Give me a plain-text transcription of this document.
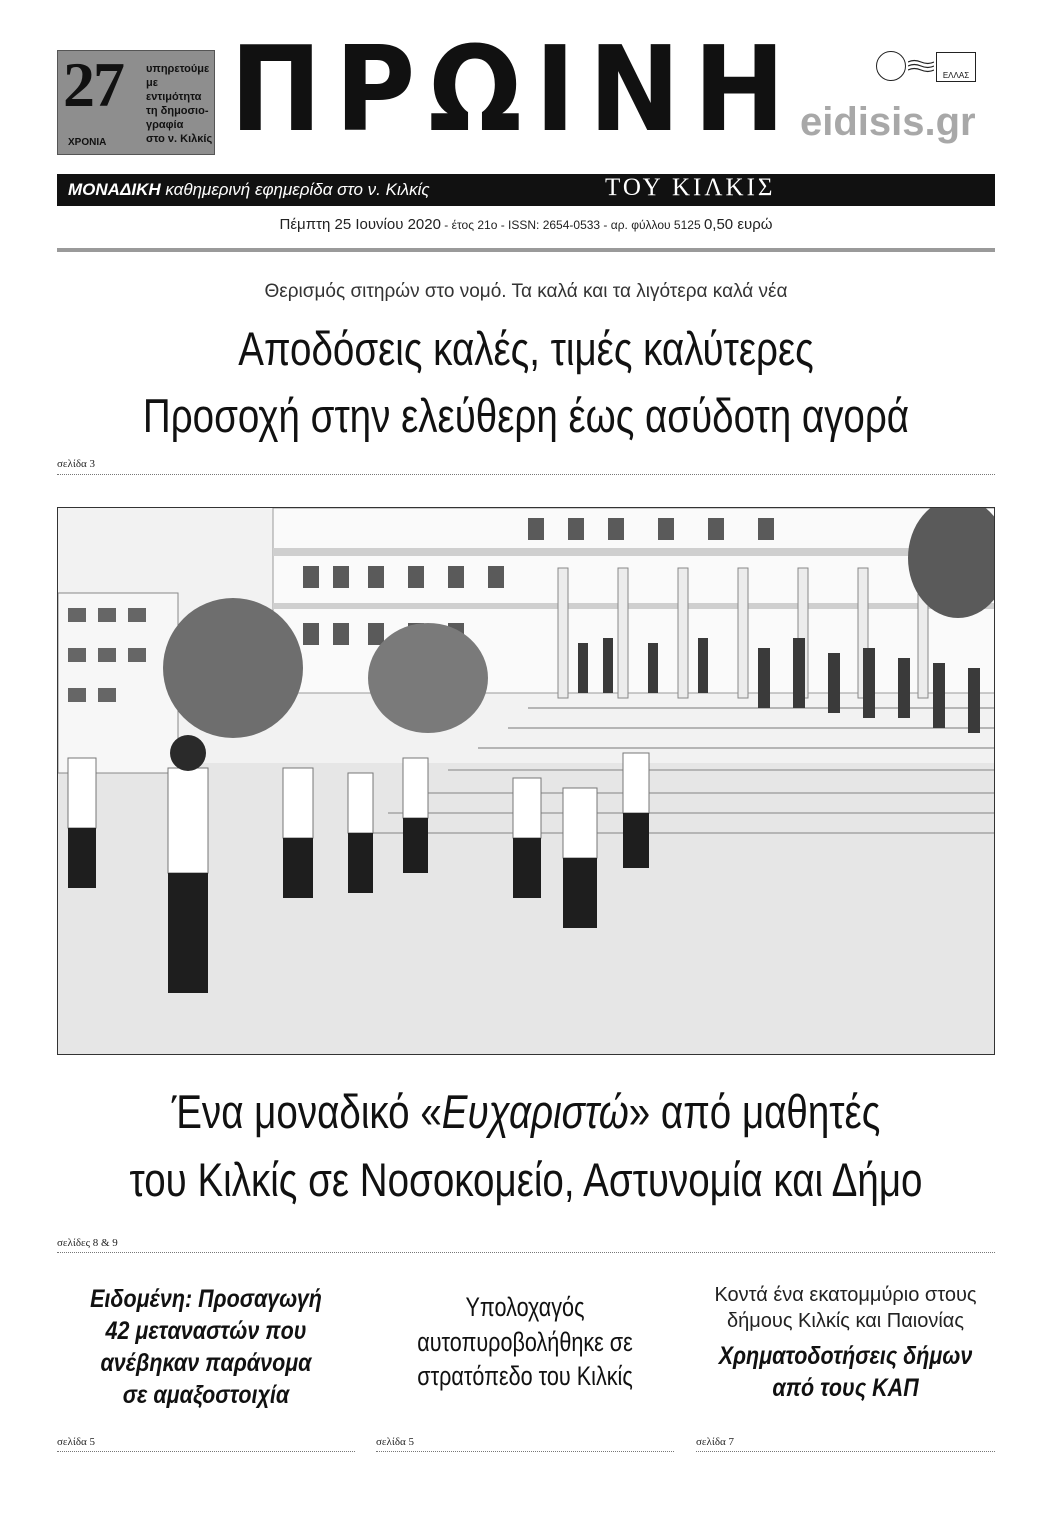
27
ΧΡΟΝΙΑ
υπηρετούμε
με εντιμότητα
τη δημοσιο-
γραφία
στο ν. Κιλκίς ΠΡΩΙΝΗ eidisis.gr
ΕΛΛΑΣ
ΜΟΝΑΔΙΚΗ καθημερινή εφημερίδα στο ν. Κιλκίς	ΤΟΥ ΚΙΛΚΙΣ
Πέμπτη 25 Ιουνίου 2020 - έτος 21ο - ISSN: 2654-0533 - αρ. φύλλου 5125 0,50 ευρώ
Θερισμός σιτηρών στο νομό. Τα καλά και τα λιγότερα καλά νέα
Αποδόσεις καλές, τιμές καλύτερες
Προσοχή στην ελεύθερη έως ασύδοτη αγορά
σελίδα 3
Ένα μοναδικό «Ευχαριστώ» από μαθητές
του Κιλκίς σε Νοσοκομείο, Αστυνομία και Δήμο
σελίδες 8 & 9
Ειδομένη: Προσαγωγή
42 μεταναστών που
ανέβηκαν παράνομα
σε αμαξοστοιχία
σελίδα 5
Υπολοχαγός
αυτοπυροβολήθηκε σε
στρατόπεδο του Κιλκίς
σελίδα 5
Κοντά ένα εκατομμύριο στους
δήμους Κιλκίς και Παιονίας
Χρηματοδοτήσεις δήμων
από τους ΚΑΠ
σελίδα 7
